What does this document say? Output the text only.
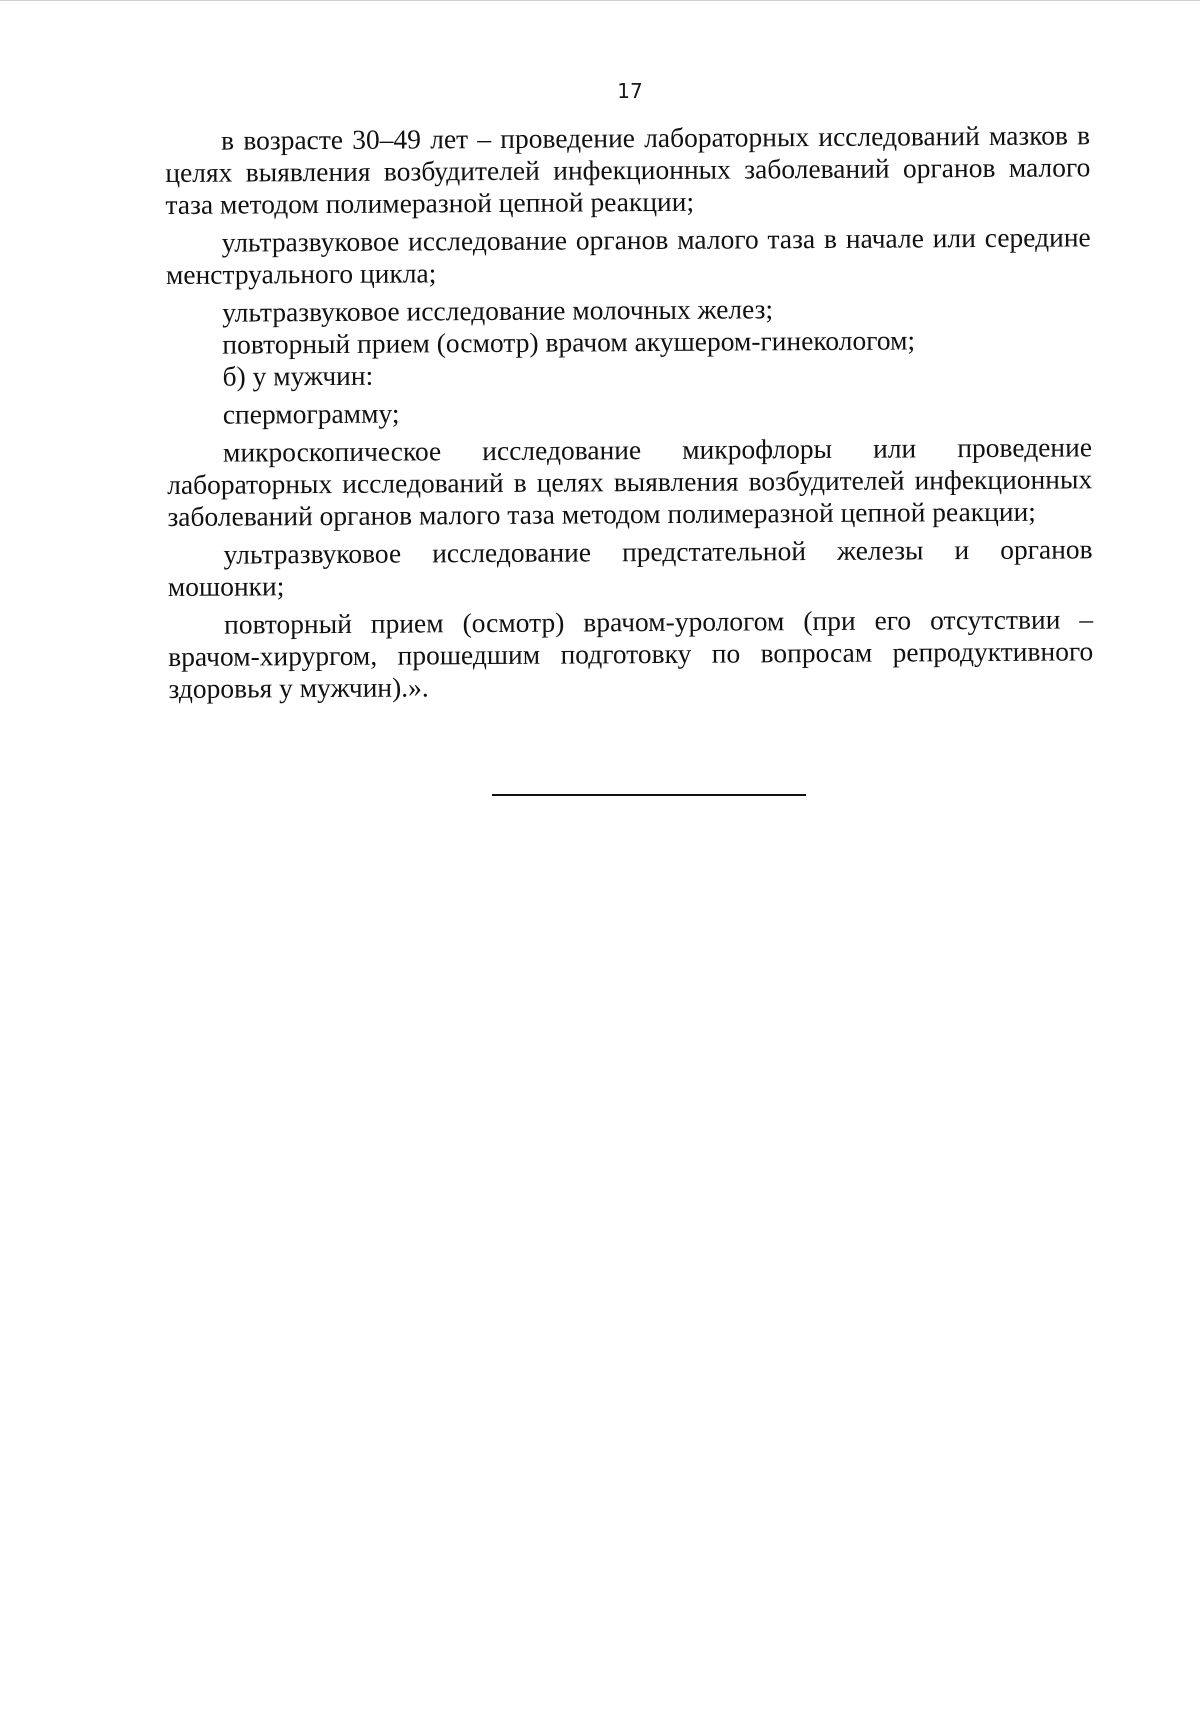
17

в возрасте 30–49 лет – проведение лабораторных исследований мазков в целях выявления возбудителей инфекционных заболеваний органов малого таза методом полимеразной цепной реакции;

ультразвуковое исследование органов малого таза в начале или середине менструального цикла;

ультразвуковое исследование молочных желез;

повторный прием (осмотр) врачом акушером-гинекологом;

б) у мужчин:

спермограмму;

микроскопическое исследование микрофлоры или проведение лабораторных исследований в целях выявления возбудителей инфекционных заболеваний органов малого таза методом полимеразной цепной реакции;

ультразвуковое исследование предстательной железы и органов мошонки;

повторный прием (осмотр) врачом-урологом (при его отсутствии – врачом-хирургом, прошедшим подготовку по вопросам репродуктивного здоровья у мужчин).».
